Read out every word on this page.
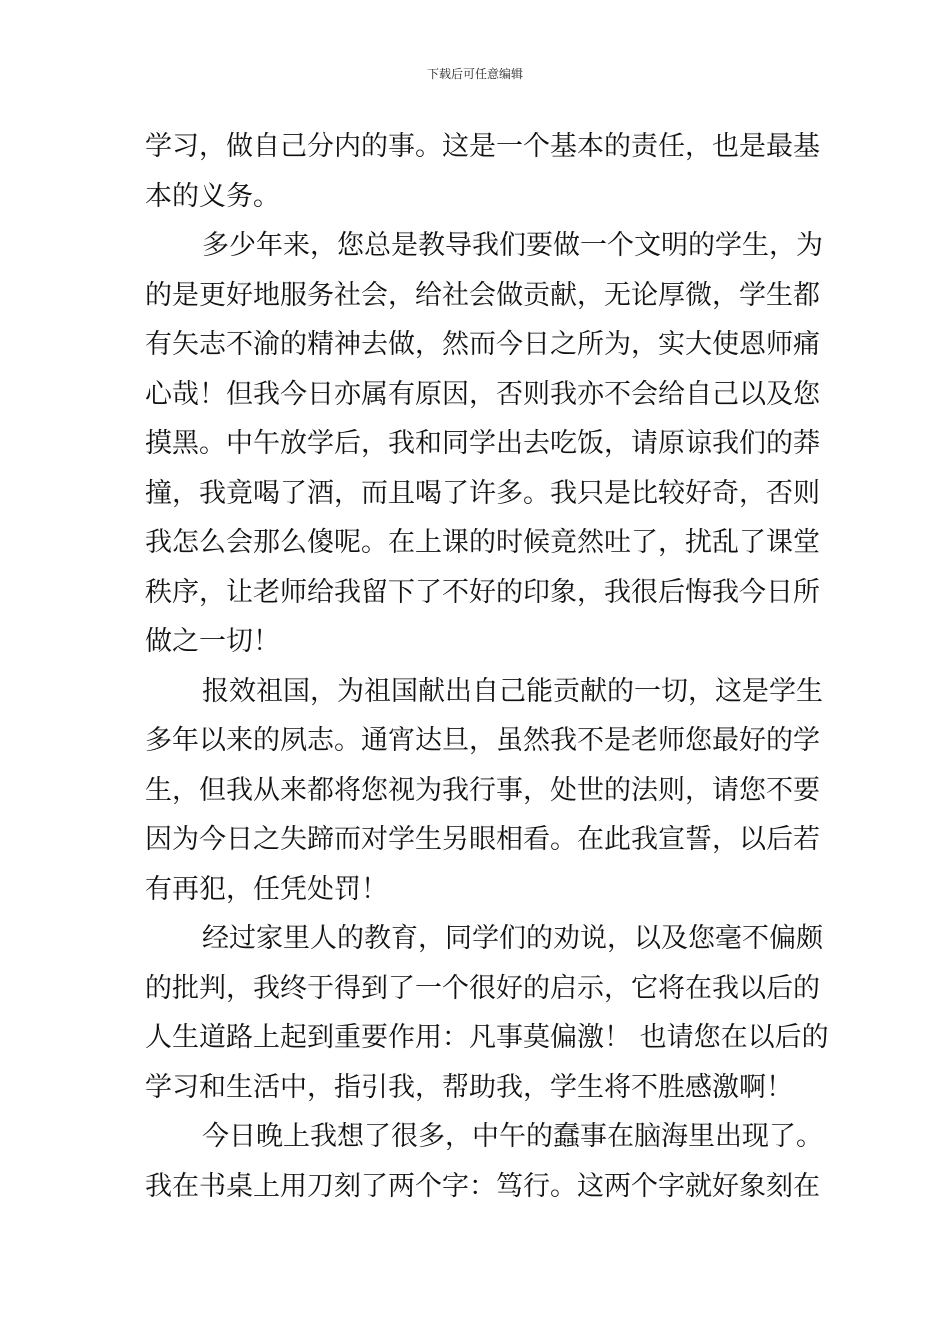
下载后可任意编辑
学习，做自己分内的事。这是一个基本的责任，也是最基
本的义务。
多少年来，您总是教导我们要做一个文明的学生，为
的是更好地服务社会，给社会做贡献，无论厚微，学生都
有矢志不渝的精神去做，然而今日之所为，实大使恩师痛
心哉！但我今日亦属有原因，否则我亦不会给自己以及您
摸黑。中午放学后，我和同学出去吃饭，请原谅我们的莽
撞，我竟喝了酒，而且喝了许多。我只是比较好奇，否则
我怎么会那么傻呢。在上课的时候竟然吐了，扰乱了课堂
秩序，让老师给我留下了不好的印象，我很后悔我今日所
做之一切！
报效祖国，为祖国献出自己能贡献的一切，这是学生
多年以来的夙志。通宵达旦，虽然我不是老师您最好的学
生，但我从来都将您视为我行事，处世的法则，请您不要
因为今日之失蹄而对学生另眼相看。在此我宣誓，以后若
有再犯，任凭处罚！
经过家里人的教育，同学们的劝说，以及您毫不偏颇
的批判，我终于得到了一个很好的启示，它将在我以后的
人生道路上起到重要作用：凡事莫偏激！ 也请您在以后的
学习和生活中，指引我，帮助我，学生将不胜感激啊！
今日晚上我想了很多，中午的蠢事在脑海里出现了。
我在书桌上用刀刻了两个字：笃行。这两个字就好象刻在
